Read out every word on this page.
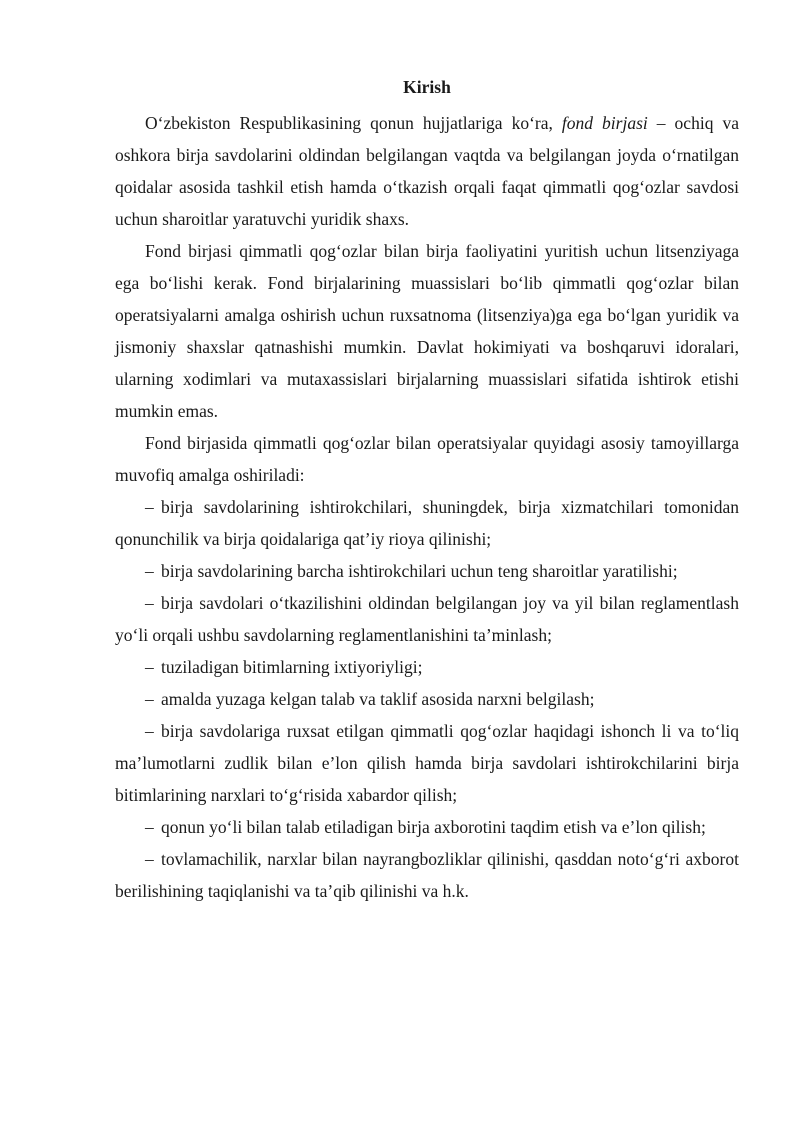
Kirish

O‘zbekiston Respublikasining qonun hujjatlariga ko‘ra, fond birjasi – ochiq va oshkora birja savdolarini oldindan belgilangan vaqtda va belgilangan joyda o‘rnatilgan qoidalar asosida tashkil etish hamda o‘tkazish orqali faqat qimmatli qog‘ozlar savdosi uchun sharoitlar yaratuvchi yuridik shaxs.

Fond birjasi qimmatli qog‘ozlar bilan birja faoliyatini yuritish uchun litsenziyaga ega bo‘lishi kerak. Fond birjalarining muassislari bo‘lib qimmatli qog‘ozlar bilan operatsiyalarni amalga oshirish uchun ruxsatnoma (litsenziya)ga ega bo‘lgan yuridik va jismoniy shaxslar qatnashishi mumkin. Davlat hokimiyati va boshqaruvi idoralari, ularning xodimlari va mutaxassislari birjalarning muassislari sifatida ishtirok etishi mumkin emas.

Fond birjasida qimmatli qog‘ozlar bilan operatsiyalar quyidagi asosiy tamoyillarga muvofiq amalga oshiriladi:

– birja savdolarining ishtirokchilari, shuningdek, birja xizmatchilari tomonidan qonunchilik va birja qoidalariga qat’iy rioya qilinishi;

– birja savdolarining barcha ishtirokchilari uchun teng sharoitlar yaratilishi;

– birja savdolari o‘tkazilishini oldindan belgilangan joy va yil bilan reglamentlash yo‘li orqali ushbu savdolarning reglamentlanishini ta’minlash;

– tuziladigan bitimlarning ixtiyoriyligi;

– amalda yuzaga kelgan talab va taklif asosida narxni belgilash;

– birja savdolariga ruxsat etilgan qimmatli qog‘ozlar haqidagi ishonch li va to‘liq ma’lumotlarni zudlik bilan e’lon qilish hamda birja savdolari ishtirokchilarini birja bitimlarining narxlari to‘g‘risida xabardor qilish;

– qonun yo‘li bilan talab etiladigan birja axborotini taqdim etish va e’lon qilish;

– tovlamachilik, narxlar bilan nayrangbozliklar qilinishi, qasddan noto‘g‘ri axborot berilishining taqiqlanishi va ta’qib qilinishi va h.k.
